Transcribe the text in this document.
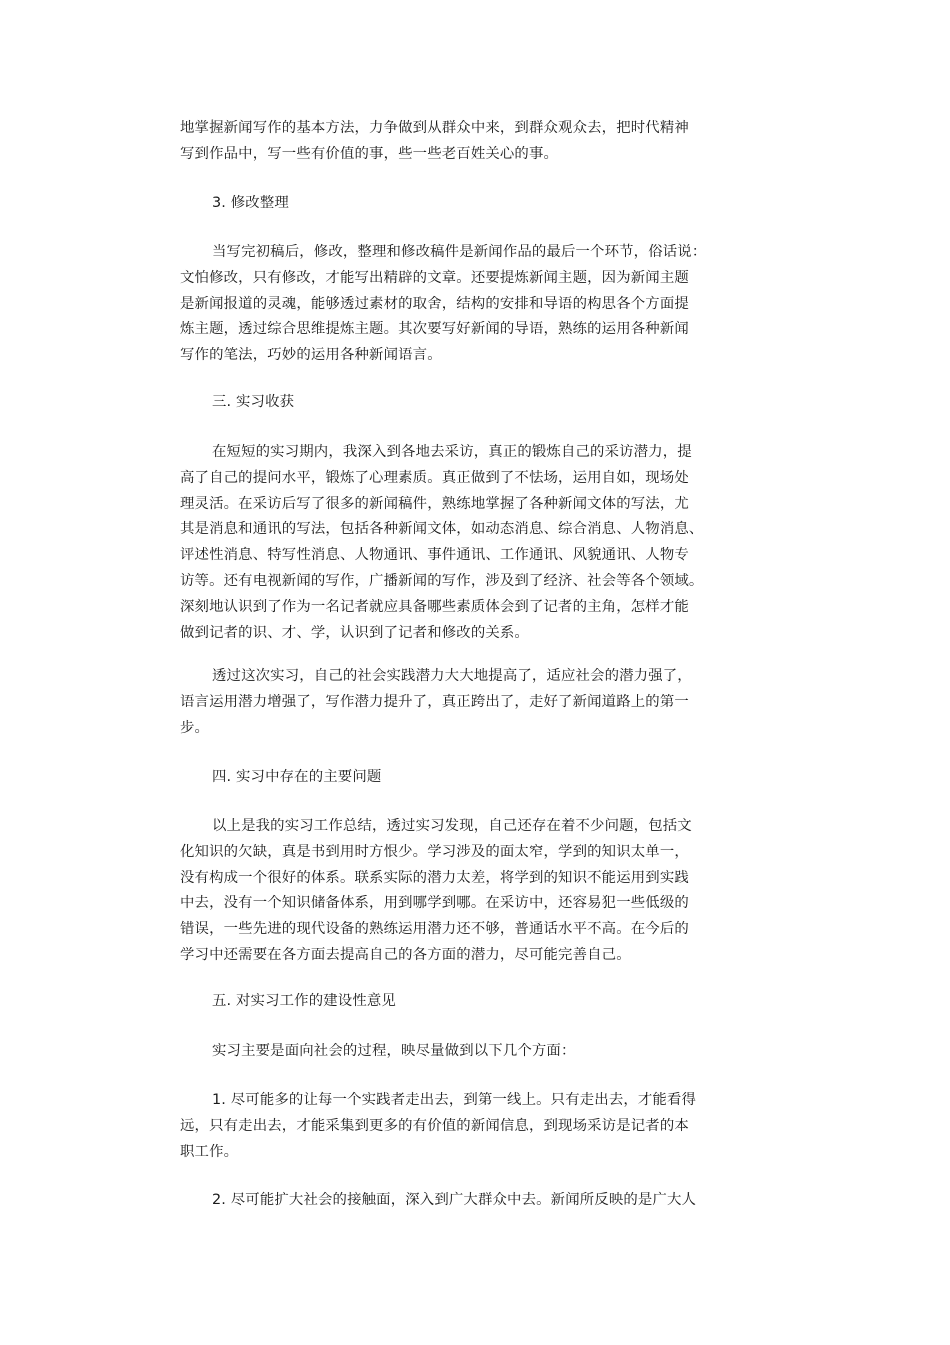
地掌握新闻写作的基本方法，力争做到从群众中来，到群众观众去，把时代精神
写到作品中，写一些有价值的事，些一些老百姓关心的事。

3. 修改整理

当写完初稿后，修改，整理和修改稿件是新闻作品的最后一个环节，俗话说：
文怕修改，只有修改，才能写出精辟的文章。还要提炼新闻主题，因为新闻主题
是新闻报道的灵魂，能够透过素材的取舍，结构的安排和导语的构思各个方面提
炼主题，透过综合思维提炼主题。其次要写好新闻的导语，熟练的运用各种新闻
写作的笔法，巧妙的运用各种新闻语言。

三. 实习收获

在短短的实习期内，我深入到各地去采访，真正的锻炼自己的采访潜力，提
高了自己的提问水平，锻炼了心理素质。真正做到了不怯场，运用自如，现场处
理灵活。在采访后写了很多的新闻稿件，熟练地掌握了各种新闻文体的写法，尤
其是消息和通讯的写法，包括各种新闻文体，如动态消息、综合消息、人物消息、
评述性消息、特写性消息、人物通讯、事件通讯、工作通讯、风貌通讯、人物专
访等。还有电视新闻的写作，广播新闻的写作，涉及到了经济、社会等各个领域。
深刻地认识到了作为一名记者就应具备哪些素质体会到了记者的主角，怎样才能
做到记者的识、才、学，认识到了记者和修改的关系。

透过这次实习，自己的社会实践潜力大大地提高了，适应社会的潜力强了，
语言运用潜力增强了，写作潜力提升了，真正跨出了，走好了新闻道路上的第一
步。

四. 实习中存在的主要问题

以上是我的实习工作总结，透过实习发现，自己还存在着不少问题，包括文
化知识的欠缺，真是书到用时方恨少。学习涉及的面太窄，学到的知识太单一，
没有构成一个很好的体系。联系实际的潜力太差，将学到的知识不能运用到实践
中去，没有一个知识储备体系，用到哪学到哪。在采访中，还容易犯一些低级的
错误，一些先进的现代设备的熟练运用潜力还不够，普通话水平不高。在今后的
学习中还需要在各方面去提高自己的各方面的潜力，尽可能完善自己。

五. 对实习工作的建设性意见

实习主要是面向社会的过程，映尽量做到以下几个方面：

1. 尽可能多的让每一个实践者走出去，到第一线上。只有走出去，才能看得
远，只有走出去，才能采集到更多的有价值的新闻信息，到现场采访是记者的本
职工作。

2. 尽可能扩大社会的接触面，深入到广大群众中去。新闻所反映的是广大人
